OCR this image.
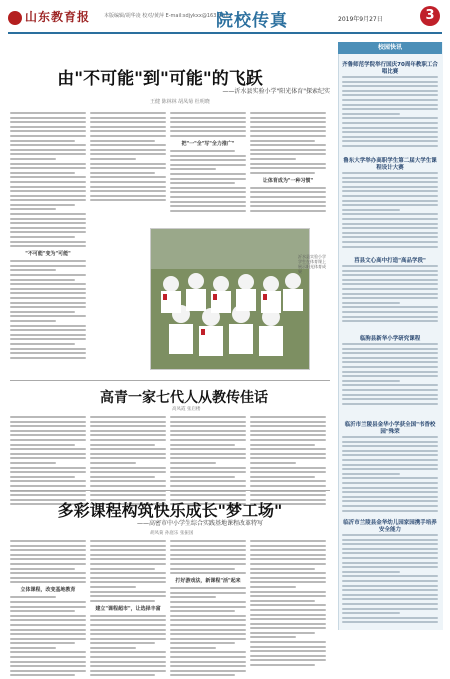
山东教育报	本版编辑/胡华凌 校对/黄萍 E-mail:sdjykxx@163.com
院校传真	2019年9月27日	3
由"不可能"到"可能"的飞跃
——沂水县实验小学"阳光体育"探索纪实
王健 陈林林 胡凤菊 杜明晓
"不可能"变为"可能"
把"一"全"写"全力推广"
让体育成为"一种习惯"
沂水县实验小学学生在体育课上展示阳光体育成果
高青一家七代人从教传佳话
高凤霞 张启楼
多彩课程构筑快乐成长"梦工场"
——高密市中小学生综合实践基地课程改革特写
胡凤菊 孙庭乐 张振国
立体课程，改变基地教育
建立"课程超市"，让选择丰富
打好游戏法，新课程"活"起来
校园快讯
齐鲁师范学院举行国庆70周年教职工合唱比赛
鲁东大学举办高职学生第二届大学生课程设计大赛
莒县文心高中打造"高品学段"
临朐县新华小学研究课程
临沂市兰陵县金华小学获全国"书香校园"殊荣
临沂市兰陵县金华幼儿园家园携手培养安全能力
